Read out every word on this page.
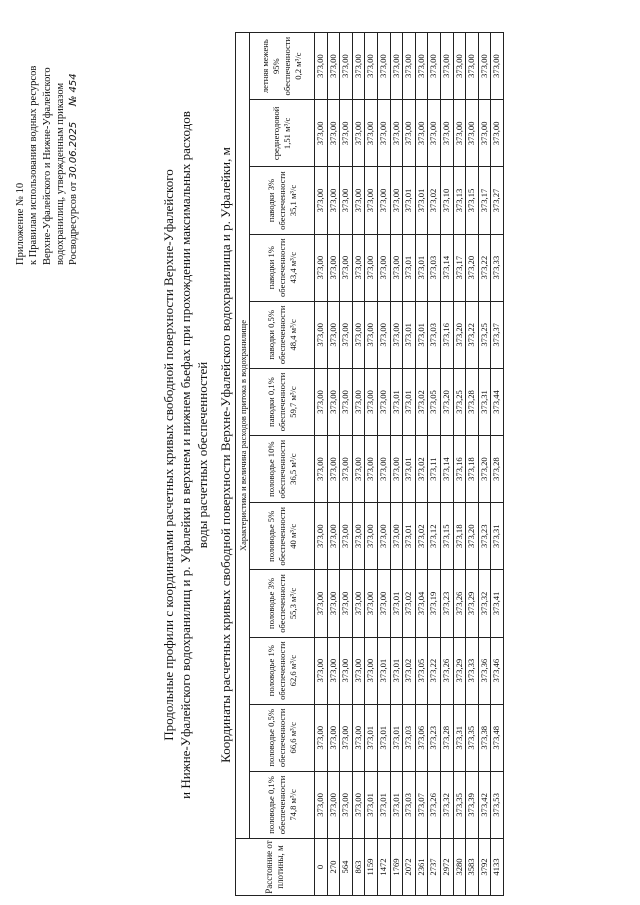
Приложение № 10 к Правилам использования водных ресурсов Верхне-Уфалейского и Нижне-Уфалейского водохранилищ, утвержденным приказом Росводресурсов от 30.06.2025      № 454
Продольные профили с координатами расчетных кривых свободной поверхности Верхне-Уфалейского и Нижне-Уфалейского водохранилищ и р. Уфалейки в верхнем и нижнем бьефах при прохождении максимальных расходов воды расчетных обеспеченностей Координаты расчетных кривых свободной поверхности Верхне-Уфалейского водохранилища и р. Уфалейки, м
Расстояние от плотины, м	Характеристика и величина расходов притока в водохранилище											

	половодье 0,1% обеспеченности 74,8 м³/с	половодье 0,5% обеспеченности 66,6 м³/с	половодье 1% обеспеченности 62,6 м³/с	половодье 3% обеспеченности 55,3 м³/с	половодье 5% обеспеченности 40 м³/с	половодье 10% обеспеченности 36,5 м³/с	паводки 0,1% обеспеченности 59,7 м³/с	паводки 0,5% обеспеченности 48,4 м³/с	паводки 1% обеспеченности 43,4 м³/с	паводки 3% обеспеченности 35,1 м³/с	среднегодовой 1,51 м³/с	летняя межень 95% обеспеченности 0,2 м³/с

0	373,00	373,00	373,00	373,00	373,00	373,00	373,00	373,00	373,00	373,00	373,00	373,00
270	373,00	373,00	373,00	373,00	373,00	373,00	373,00	373,00	373,00	373,00	373,00	373,00
564	373,00	373,00	373,00	373,00	373,00	373,00	373,00	373,00	373,00	373,00	373,00	373,00
863	373,00	373,00	373,00	373,00	373,00	373,00	373,00	373,00	373,00	373,00	373,00	373,00
1159	373,01	373,01	373,00	373,00	373,00	373,00	373,00	373,00	373,00	373,00	373,00	373,00
1472	373,01	373,01	373,01	373,00	373,00	373,00	373,00	373,00	373,00	373,00	373,00	373,00
1769	373,01	373,01	373,01	373,01	373,00	373,00	373,01	373,00	373,00	373,00	373,00	373,00
2072	373,03	373,03	373,02	373,02	373,01	373,01	373,01	373,01	373,01	373,01	373,00	373,00
2361	373,07	373,06	373,05	373,04	373,02	373,02	373,02	373,01	373,01	373,01	373,00	373,00
2737	373,26	373,23	373,22	373,19	373,12	373,11	373,05	373,03	373,03	373,02	373,00	373,00
2972	373,32	373,28	373,26	373,23	373,15	373,14	373,20	373,16	373,14	373,10	373,00	373,00
3280	373,35	373,31	373,29	373,26	373,18	373,16	373,25	373,20	373,17	373,13	373,00	373,00
3583	373,39	373,35	373,33	373,29	373,20	373,18	373,28	373,22	373,20	373,15	373,00	373,00
3792	373,42	373,38	373,36	373,32	373,23	373,20	373,31	373,25	373,22	373,17	373,00	373,00
4133	373,53	373,48	373,46	373,41	373,31	373,28	373,44	373,37	373,33	373,27	373,00	373,00
